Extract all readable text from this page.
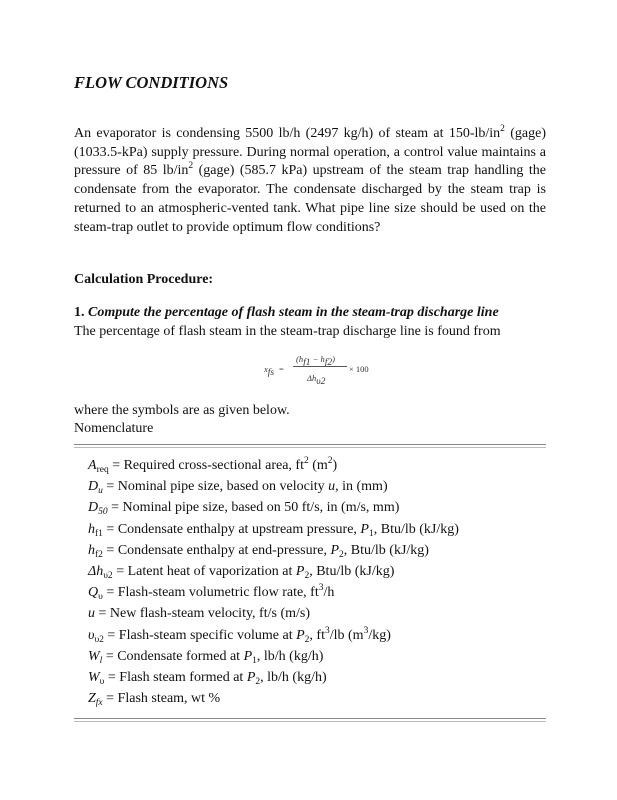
FLOW CONDITIONS

An evaporator is condensing 5500 lb/h (2497 kg/h) of steam at $150-lb/in^2$ (gage) (1033.5-kPa) supply pressure. During normal operation, a control value maintains a pressure of 85 $lb/in^2$ (gage) (585.7 kPa) upstream of the steam trap handling the condensate from the evaporator. The condensate discharged by the steam trap is returned to an atmospheric-vented tank. What pipe line size should be used on the steam-trap outlet to provide optimum flow conditions?

Calculation Procedure:

1. Compute the percentage of flash steam in the steam-trap discharge line

The percentage of flash steam in the steam-trap discharge line is found from

$x_{fs}$ =
$(h_{f1} - h_{f2})$
$\Delta h_{\upsilon 2}$
× 100

where the symbols are as given below.

Nomenclature

$A_{req}$ = Required cross-sectional area, $ft^2$ $(m^2)$
$D_u$ = Nominal pipe size, based on velocity u, in (mm)
$D_{50}$ = Nominal pipe size, based on 50 ft/s, in (m/s, mm)
$h_{f1}$ = Condensate enthalpy at upstream pressure, $P_1$, Btu/lb (kJ/kg)
$h_{f2}$ = Condensate enthalpy at end-pressure, $P_2$, Btu/lb (kJ/kg)
$\Delta h_{\upsilon 2}$ = Latent heat of vaporization at $P_2$, Btu/lb (kJ/kg)
$Q_\upsilon$ = Flash-steam volumetric flow rate, $ft^3/h$
u = New flash-steam velocity, ft/s (m/s)
$\upsilon_{\upsilon 2}$ = Flash-steam specific volume at $P_2$, $ft^3/lb$ $(m^3/kg)$
$W_l$ = Condensate formed at $P_1$, lb/h (kg/h)
$W_\upsilon$ = Flash steam formed at $P_2$, lb/h (kg/h)
$Z_{fx}$ = Flash steam, wt %
